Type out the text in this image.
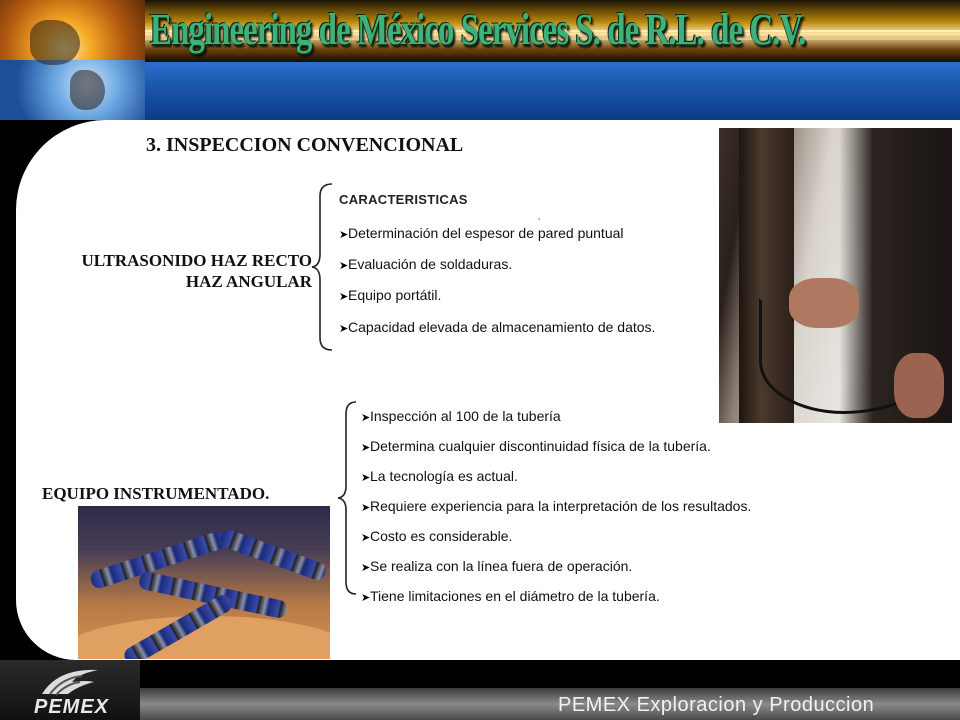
Engineering de México Services S. de R.L. de C.V.
3. INSPECCION CONVENCIONAL
ULTRASONIDO HAZ RECTO
HAZ ANGULAR
CARACTERISTICAS
‚
➤Determinación del espesor de pared puntual
➤Evaluación de soldaduras.
➤Equipo portátil.
➤Capacidad elevada de almacenamiento de datos.
EQUIPO INSTRUMENTADO.
➤Inspección al 100 de la tubería
➤Determina cualquier discontinuidad física de la tubería.
➤La tecnología es actual.
➤Requiere experiencia para la interpretación de los resultados.
➤Costo es considerable.
➤Se realiza con la línea fuera de operación.
➤Tiene limitaciones en el diámetro de la tubería.
PEMEX	PEMEX Exploracion y Produccion
